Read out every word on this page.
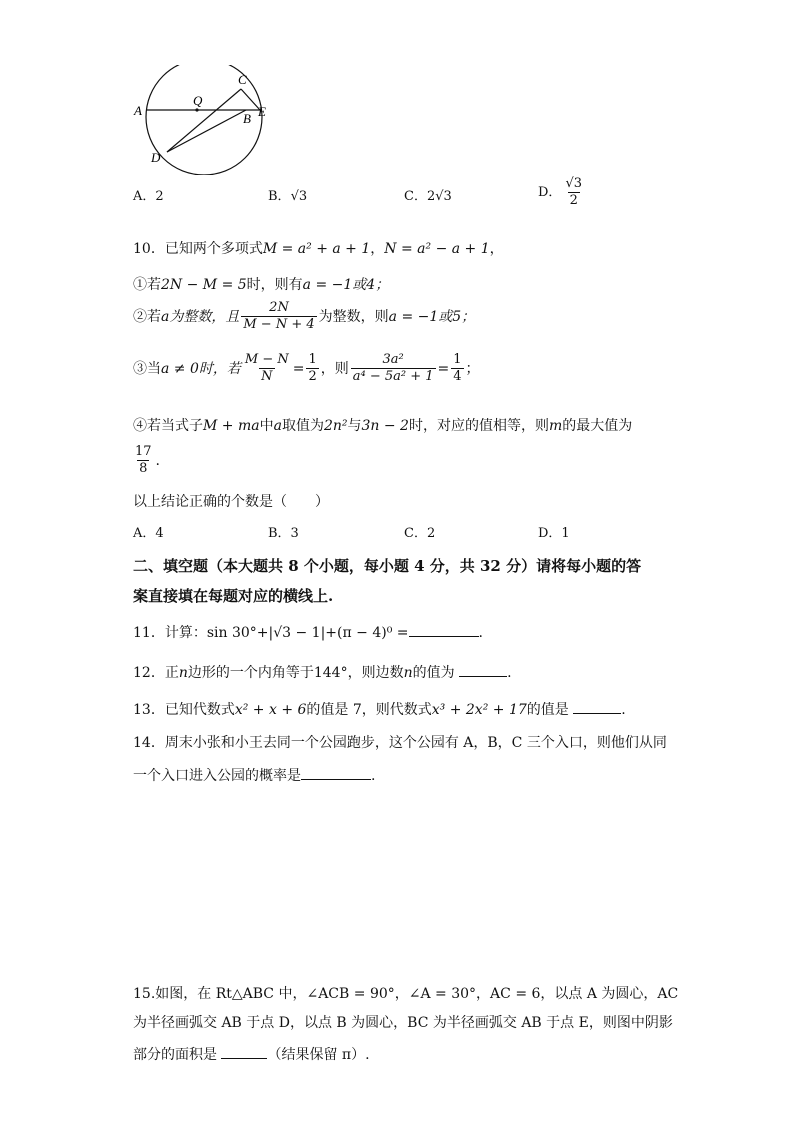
A
Q
C
B E
D
A．2	B．√3	C．2√3	D． $\frac{√3}{2}$
10．已知两个多项式M = a² + a + 1，N = a² − a + 1，
①若2N − M = 5时，则有a = −1或4；
②若 a为整数，且 $\frac{2N}{M - N + 4}$ 为整数，则 a = −1或5；
③当 a ≠ 0时，若 $\frac{M - N}{N} = \frac{1}{2}$ ，则 $\frac{\text{3a²}}{\text{a⁴ − 5a² + 1}} = \frac{1}{4}$ ；
④若当式子M + ma中a取值为2n²与3n − 2时，对应的值相等，则m的最大值为
$\frac{17}{8}$ .
以上结论正确的个数是（　　）
A．4	B．3	C．2	D．1
二、填空题（本大题共 8 个小题，每小题 4 分，共 32 分）请将每小题的答
案直接填在每题对应的横线上.
11．计算：sin 30°+|√3 − 1|+(π − 4)⁰ =	.
12．正n边形的一个内角等于144°，则边数n的值为	.
13．已知代数式x² + x + 6的值是 7，则代数式x³ + 2x² + 17的值是	.
14．周末小张和小王去同一个公园跑步，这个公园有 A，B，C 三个入口，则他们从同
一个入口进入公园的概率是	.
15.如图，在 Rt△ABC 中，∠ACB = 90°，∠A = 30°，AC = 6，以点 A 为圆心，AC
为半径画弧交 AB 于点 D，以点 B 为圆心，BC 为半径画弧交 AB 于点 E，则图中阴影
部分的面积是	（结果保留 π）.
